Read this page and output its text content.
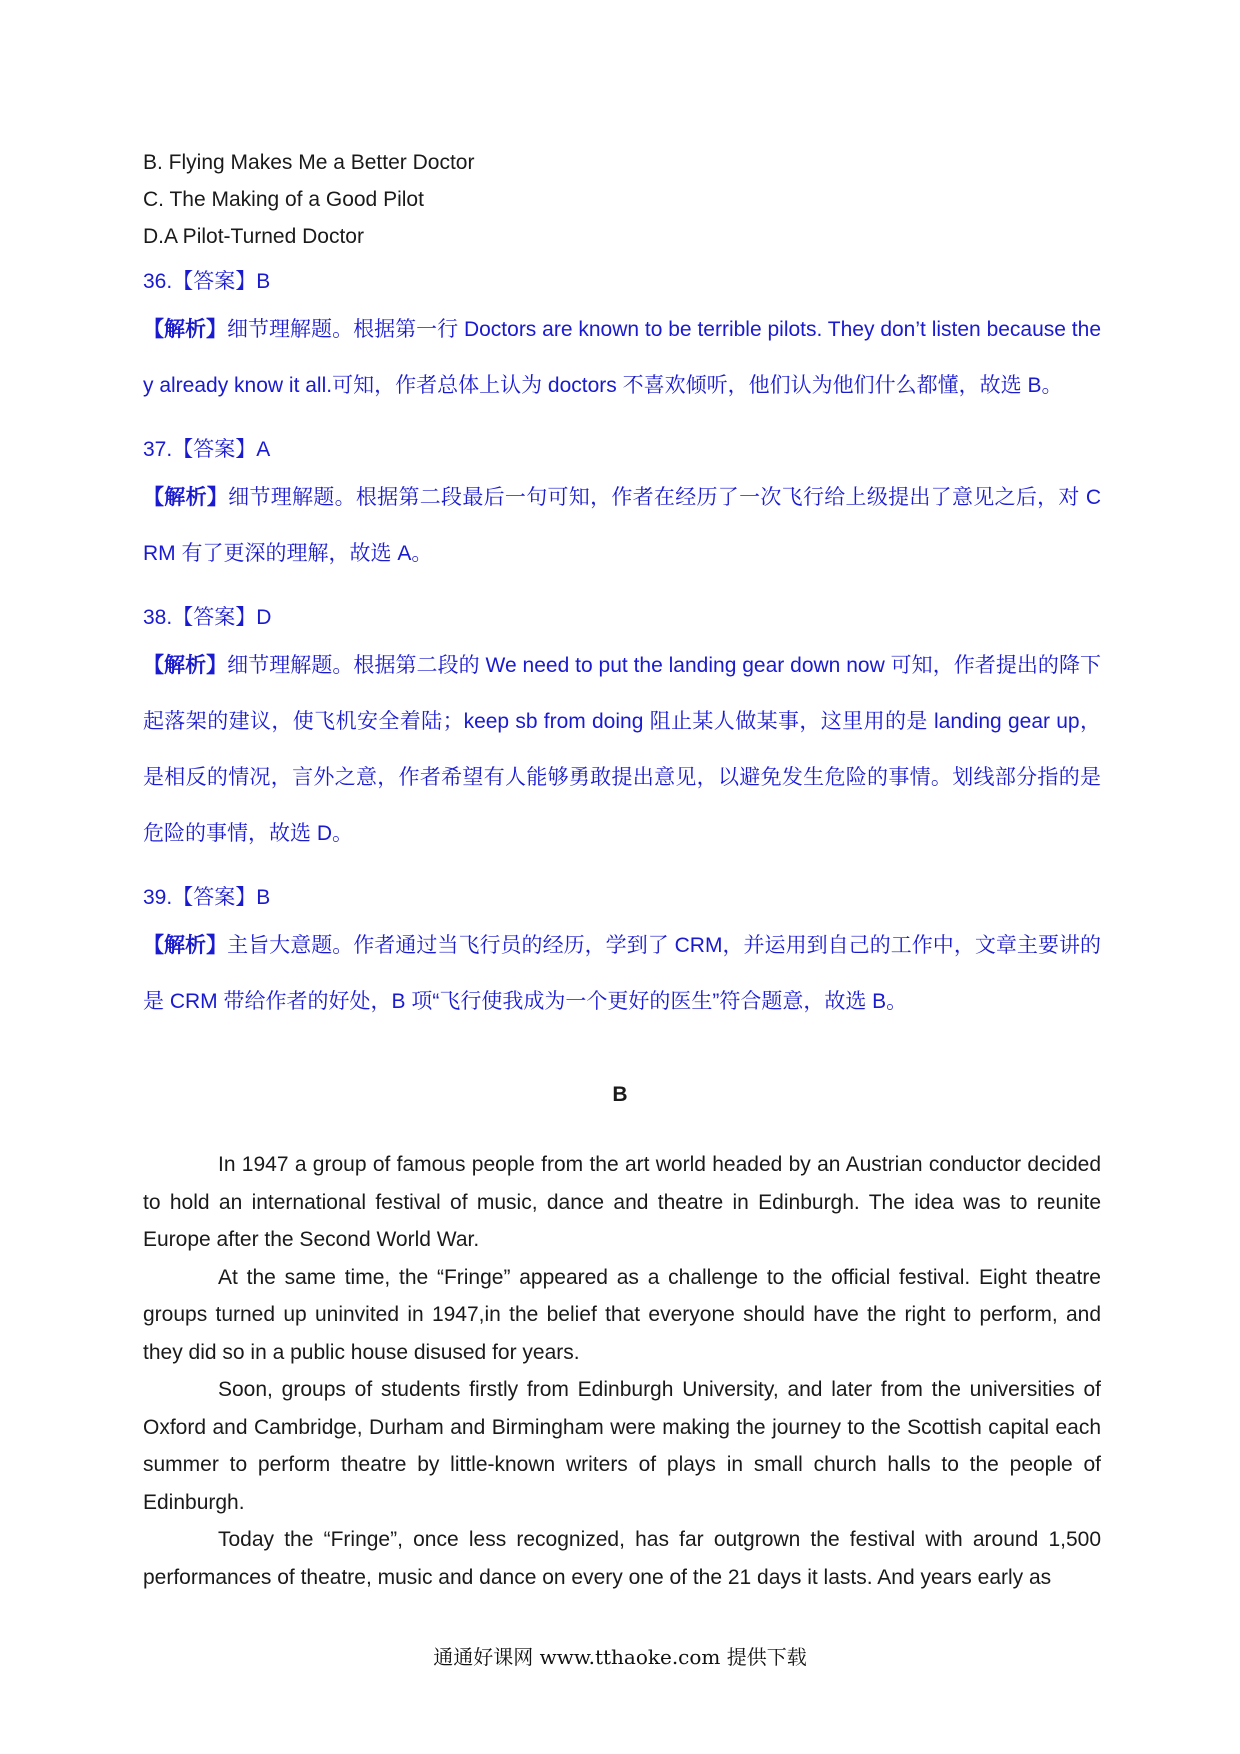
B. Flying Makes Me a Better Doctor
C. The Making of a Good Pilot
D.A Pilot-Turned Doctor
36.【答案】B
【解析】细节理解题。根据第一行 Doctors are known to be terrible pilots. They don’t listen because they already know it all.可知，作者总体上认为 doctors 不喜欢倾听，他们认为他们什么都懂，故选 B。
37.【答案】A
【解析】细节理解题。根据第二段最后一句可知，作者在经历了一次飞行给上级提出了意见之后，对 CRM 有了更深的理解，故选 A。
38.【答案】D
【解析】细节理解题。根据第二段的 We need to put the landing gear down now 可知，作者提出的降下起落架的建议，使飞机安全着陆；keep sb from doing 阻止某人做某事，这里用的是 landing gear up，是相反的情况，言外之意，作者希望有人能够勇敢提出意见，以避免发生危险的事情。划线部分指的是危险的事情，故选 D。
39.【答案】B
【解析】主旨大意题。作者通过当飞行员的经历，学到了 CRM，并运用到自己的工作中，文章主要讲的是 CRM 带给作者的好处，B 项“飞行使我成为一个更好的医生”符合题意，故选 B。
B

In 1947 a group of famous people from the art world headed by an Austrian conductor decided to hold an international festival of music, dance and theatre in Edinburgh. The idea was to reunite Europe after the Second World War.

At the same time, the “Fringe” appeared as a challenge to the official festival. Eight theatre groups turned up uninvited in 1947,in the belief that everyone should have the right to perform, and they did so in a public house disused for years.

Soon, groups of students firstly from Edinburgh University, and later from the universities of Oxford and Cambridge, Durham and Birmingham were making the journey to the Scottish capital each summer to perform theatre by little-known writers of plays in small church halls to the people of Edinburgh.

Today the “Fringe”, once less recognized, has far outgrown the festival with around 1,500 performances of theatre, music and dance on every one of the 21 days it lasts. And years early as

通通好课网 www.tthaoke.com 提供下载
